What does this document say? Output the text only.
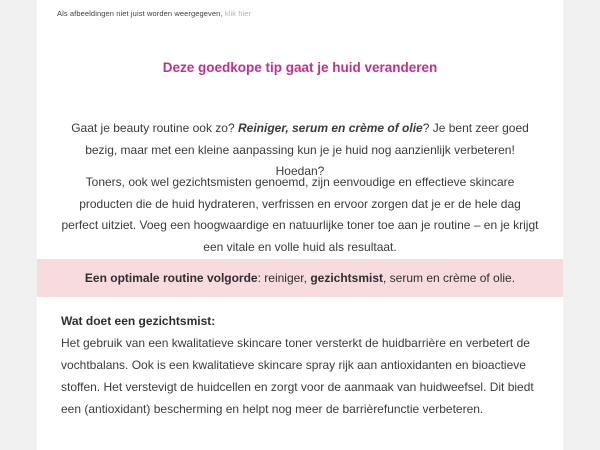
Als afbeeldingen niet juist worden weergegeven, klik hier
Deze goedkope tip gaat je huid veranderen

Gaat je beauty routine ook zo? Reiniger, serum en crème of olie? Je bent zeer goed bezig, maar met een kleine aanpassing kun je je huid nog aanzienlijk verbeteren! Hoedan?

Toners, ook wel gezichtsmisten genoemd, zijn eenvoudige en effectieve skincare producten die de huid hydrateren, verfrissen en ervoor zorgen dat je er de hele dag perfect uitziet. Voeg een hoogwaardige en natuurlijke toner toe aan je routine – en je krijgt een vitale en volle huid als resultaat.

Een optimale routine volgorde: reiniger, gezichtsmist, serum en crème of olie.
Wat doet een gezichtsmist:

Het gebruik van een kwalitatieve skincare toner versterkt de huidbarrière en verbetert de vochtbalans. Ook is een kwalitatieve skincare spray rijk aan antioxidanten en bioactieve stoffen. Het verstevigt de huidcellen en zorgt voor de aanmaak van huidweefsel. Dit biedt een (antioxidant) bescherming en helpt nog meer de barrièrefunctie verbeteren.
